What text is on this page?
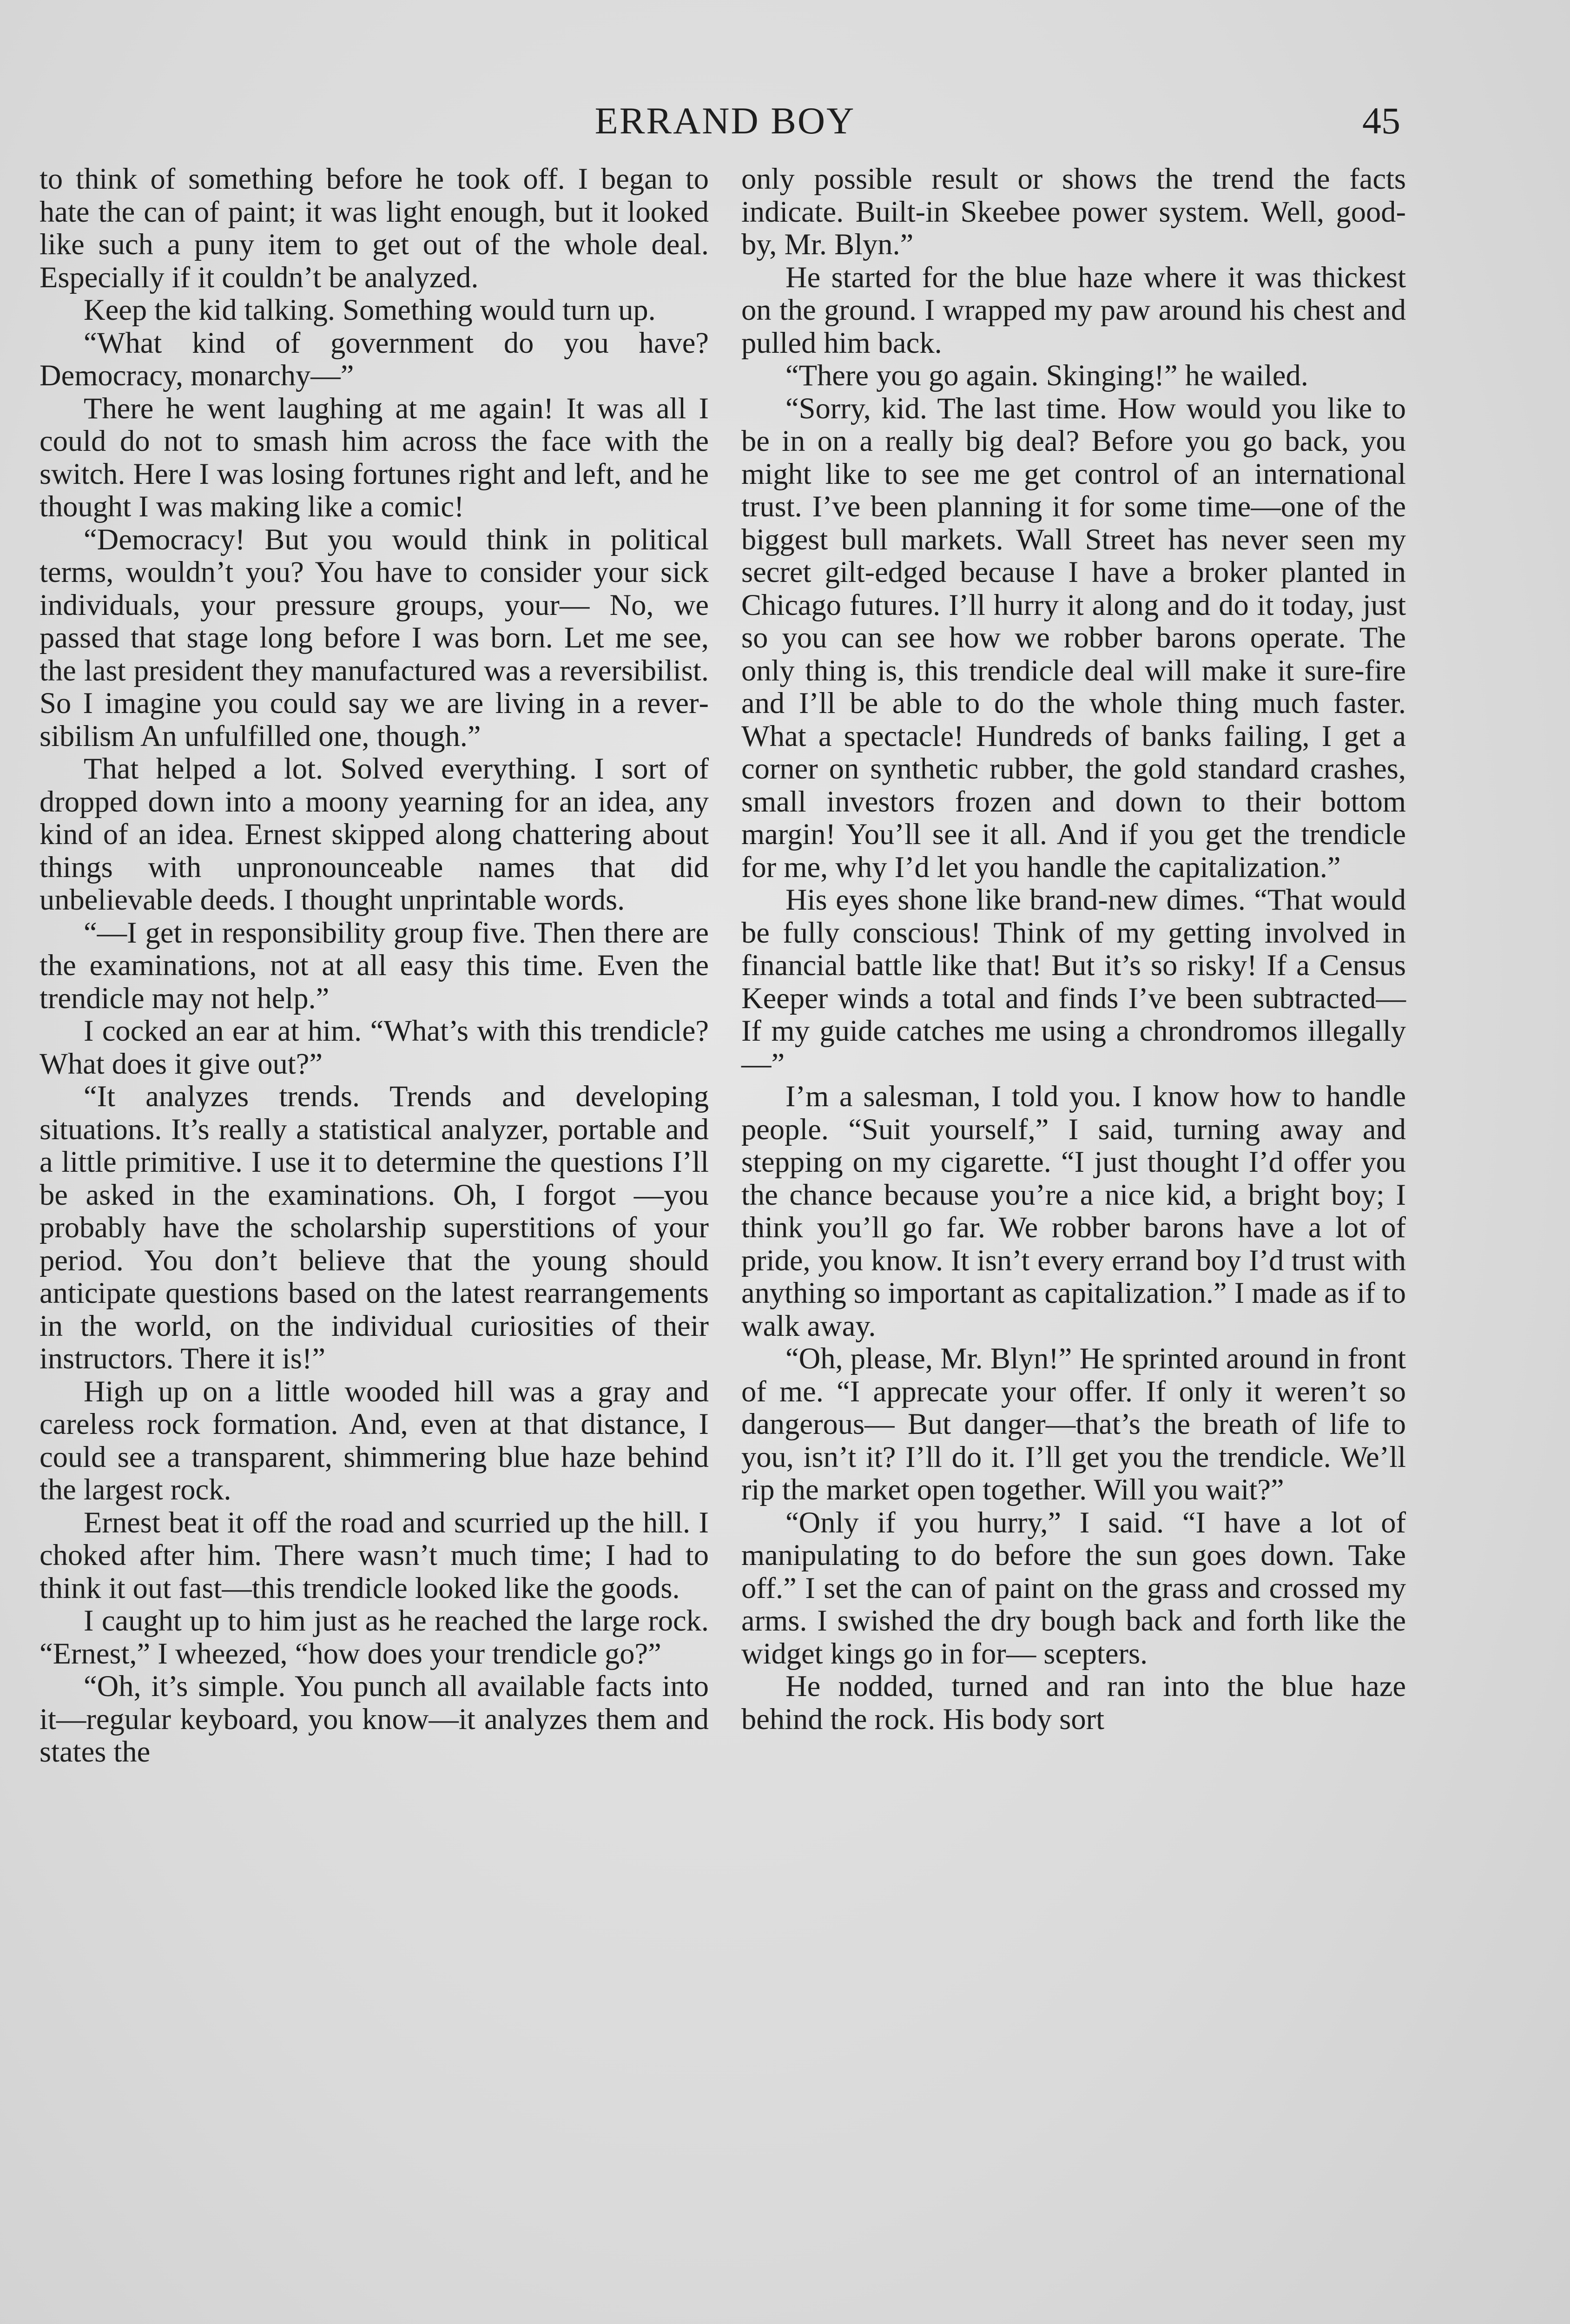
ERRAND BOY	45

to think of something before he took off. I began to hate the can of paint; it was light enough, but it looked like such a puny item to get out of the whole deal. Especially if it couldn’t be analyzed.

Keep the kid talking. Something would turn up.

“What kind of government do you have? Democracy, monarchy—”

There he went laughing at me again! It was all I could do not to smash him across the face with the switch. Here I was losing fortunes right and left, and he thought I was making like a comic!

“Democracy! But you would think in political terms, wouldn’t you? You have to consider your sick individuals, your pressure groups, your— No, we passed that stage long before I was born. Let me see, the last president they manufactured was a reversibilist. So I imagine you could say we are living in a reversibilism An unfulfilled one, though.”

That helped a lot. Solved everything. I sort of dropped down into a moony yearning for an idea, any kind of an idea. Ernest skipped along chattering about things with unpronounceable names that did unbelievable deeds. I thought unprintable words.

“—I get in responsibility group five. Then there are the examinations, not at all easy this time. Even the trendicle may not help.”

I cocked an ear at him. “What’s with this trendicle? What does it give out?”

“It analyzes trends. Trends and developing situations. It’s really a statistical analyzer, portable and a little primitive. I use it to determine the questions I’ll be asked in the examinations. Oh, I forgot —you probably have the scholarship superstitions of your period. You don’t believe that the young should anticipate questions based on the latest rearrangements in the world, on the individual curiosities of their instructors. There it is!”

High up on a little wooded hill was a gray and careless rock formation. And, even at that distance, I could see a transparent, shimmering blue haze behind the largest rock.

Ernest beat it off the road and scurried up the hill. I choked after him. There wasn’t much time; I had to think it out fast—this trendicle looked like the goods.

I caught up to him just as he reached the large rock. “Ernest,” I wheezed, “how does your trendicle go?”

“Oh, it’s simple. You punch all available facts into it—regular keyboard, you know—it analyzes them and states the

only possible result or shows the trend the facts indicate. Built-in Skeebee power system. Well, good-by, Mr. Blyn.”

He started for the blue haze where it was thickest on the ground. I wrapped my paw around his chest and pulled him back.

“There you go again. Skinging!” he wailed.

“Sorry, kid. The last time. How would you like to be in on a really big deal? Before you go back, you might like to see me get control of an international trust. I’ve been planning it for some time—one of the biggest bull markets. Wall Street has never seen my secret gilt-edged because I have a broker planted in Chicago futures. I’ll hurry it along and do it today, just so you can see how we robber barons operate. The only thing is, this trendicle deal will make it sure-fire and I’ll be able to do the whole thing much faster. What a spectacle! Hundreds of banks failing, I get a corner on synthetic rubber, the gold standard crashes, small investors frozen and down to their bottom margin! You’ll see it all. And if you get the trendicle for me, why I’d let you handle the capitalization.”

His eyes shone like brand-new dimes. “That would be fully conscious! Think of my getting involved in financial battle like that! But it’s so risky! If a Census Keeper winds a total and finds I’ve been subtracted— If my guide catches me using a chrondromos illegally—”

I’m a salesman, I told you. I know how to handle people. “Suit yourself,” I said, turning away and stepping on my cigarette. “I just thought I’d offer you the chance because you’re a nice kid, a bright boy; I think you’ll go far. We robber barons have a lot of pride, you know. It isn’t every errand boy I’d trust with anything so important as capitalization.” I made as if to walk away.

“Oh, please, Mr. Blyn!” He sprinted around in front of me. “I apprecate your offer. If only it weren’t so dangerous— But danger—that’s the breath of life to you, isn’t it? I’ll do it. I’ll get you the trendicle. We’ll rip the market open together. Will you wait?”

“Only if you hurry,” I said. “I have a lot of manipulating to do before the sun goes down. Take off.” I set the can of paint on the grass and crossed my arms. I swished the dry bough back and forth like the widget kings go in for— scepters.

He nodded, turned and ran into the blue haze behind the rock. His body sort
